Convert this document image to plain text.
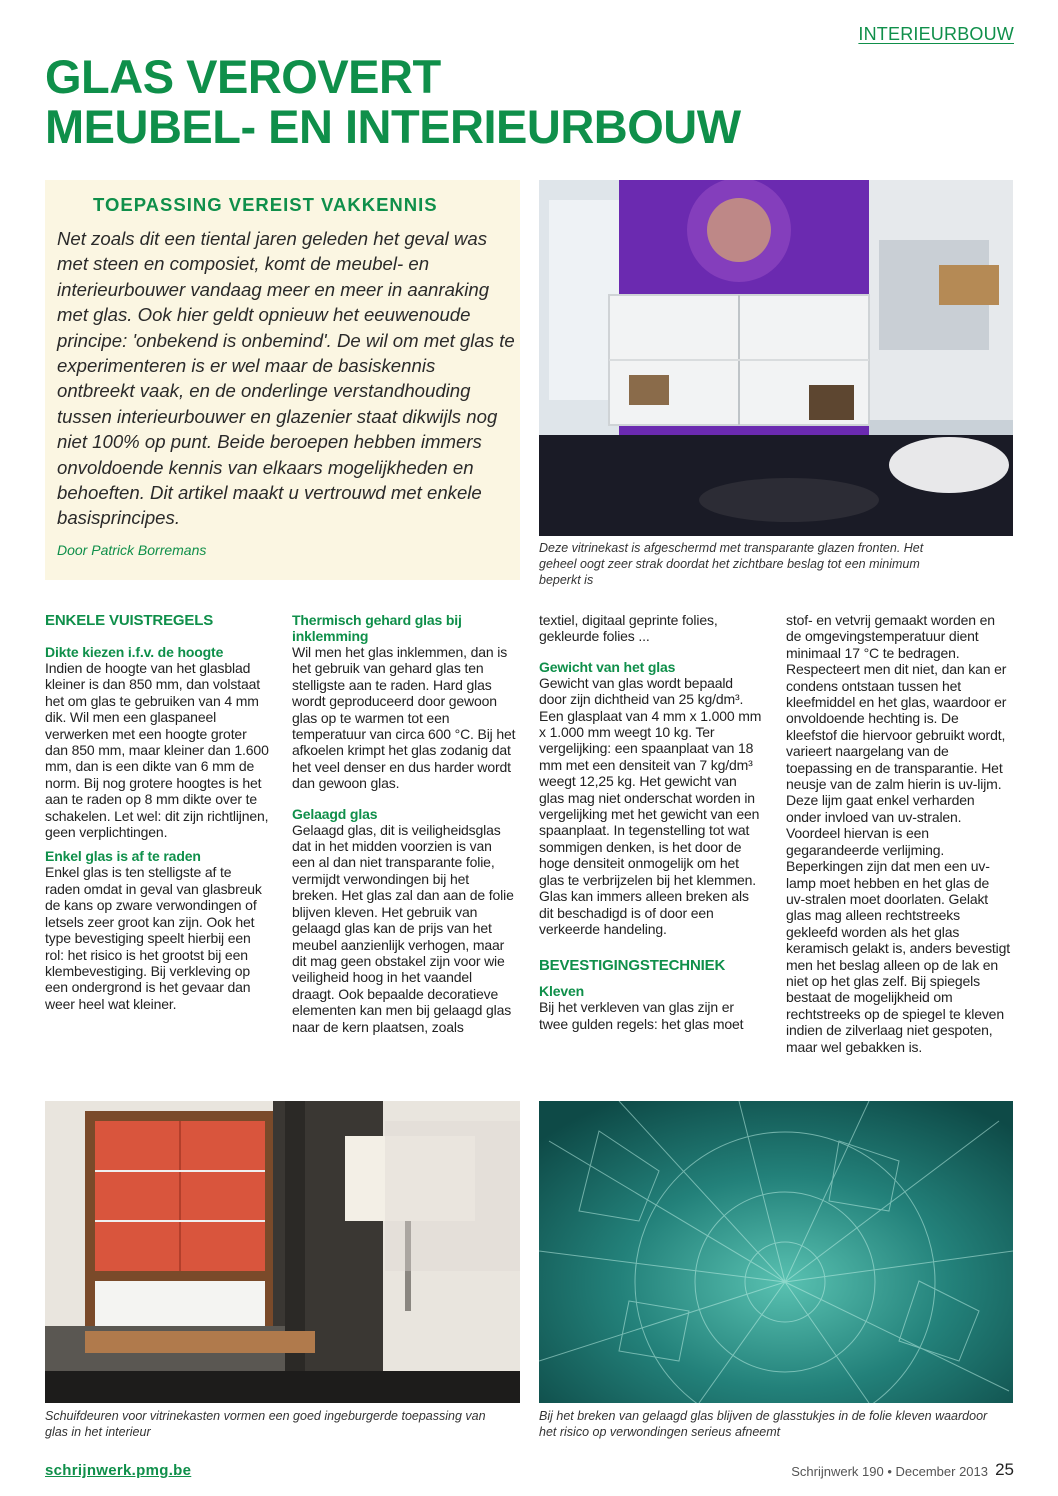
INTERIEURBOUW
GLAS VEROVERT
MEUBEL- EN INTERIEURBOUW
TOEPASSING VEREIST VAKKENNIS

Net zoals dit een tiental jaren geleden het geval was met steen en composiet, komt de meubel- en interieurbouwer vandaag meer en meer in aanraking met glas. Ook hier geldt opnieuw het eeuwenoude principe: 'onbekend is onbemind'. De wil om met glas te experimenteren is er wel maar de basiskennis ontbreekt vaak, en de onderlinge verstandhouding tussen interieurbouwer en glazenier staat dikwijls nog niet 100% op punt. Beide beroepen hebben immers onvoldoende kennis van elkaars mogelijkheden en behoeften. Dit artikel maakt u vertrouwd met enkele basisprincipes.

Door Patrick Borremans	Deze vitrinekast is afgeschermd met transparante glazen fronten. Het geheel oogt zeer strak doordat het zichtbare beslag tot een minimum beperkt is

ENKELE VUISTREGELS
Dikte kiezen i.f.v. de hoogte

Indien de hoogte van het glasblad kleiner is dan 850 mm, dan volstaat het om glas te gebruiken van 4 mm dik. Wil men een glaspaneel verwerken met een hoogte groter dan 850 mm, maar kleiner dan 1.600 mm, dan is een dikte van 6 mm de norm. Bij nog grotere hoogtes is het aan te raden op 8 mm dikte over te schakelen. Let wel: dit zijn richtlijnen, geen verplichtingen.

Enkel glas is af te raden

Enkel glas is ten stelligste af te raden omdat in geval van glasbreuk de kans op zware verwondingen of letsels zeer groot kan zijn. Ook het type bevestiging speelt hierbij een rol: het risico is het grootst bij een klembevestiging. Bij verkleving op een ondergrond is het gevaar dan weer heel wat kleiner.

Thermisch gehard glas bij inklemming

Wil men het glas inklemmen, dan is het gebruik van gehard glas ten stelligste aan te raden. Hard glas wordt geproduceerd door gewoon glas op te warmen tot een temperatuur van circa 600 °C. Bij het afkoelen krimpt het glas zodanig dat het veel denser en dus harder wordt dan gewoon glas.

Gelaagd glas

Gelaagd glas, dit is veiligheidsglas dat in het midden voorzien is van een al dan niet transparante folie, vermijdt verwondingen bij het breken. Het glas zal dan aan de folie blijven kleven. Het gebruik van gelaagd glas kan de prijs van het meubel aanzienlijk verhogen, maar dit mag geen obstakel zijn voor wie veiligheid hoog in het vaandel draagt. Ook bepaalde decoratieve elementen kan men bij gelaagd glas naar de kern plaatsen, zoals

textiel, digitaal geprinte folies, gekleurde folies ...

Gewicht van het glas

Gewicht van glas wordt bepaald door zijn dichtheid van 25 kg/dm³. Een glasplaat van 4 mm x 1.000 mm x 1.000 mm weegt 10 kg. Ter vergelijking: een spaanplaat van 18 mm met een densiteit van 7 kg/dm³ weegt 12,25 kg. Het gewicht van glas mag niet onderschat worden in vergelijking met het gewicht van een spaanplaat. In tegenstelling tot wat sommigen denken, is het door de hoge densiteit onmogelijk om het glas te verbrijzelen bij het klemmen. Glas kan immers alleen breken als dit beschadigd is of door een verkeerde handeling.

BEVESTIGINGSTECHNIEK
Kleven

Bij het verkleven van glas zijn er twee gulden regels: het glas moet

stof- en vetvrij gemaakt worden en de omgevingstemperatuur dient minimaal 17 °C te bedragen. Respecteert men dit niet, dan kan er condens ontstaan tussen het kleefmiddel en het glas, waardoor er onvoldoende hechting is. De kleefstof die hiervoor gebruikt wordt, varieert naargelang van de toepassing en de transparantie. Het neusje van de zalm hierin is uv-lijm. Deze lijm gaat enkel verharden onder invloed van uv-stralen. Voordeel hiervan is een gegarandeerde verlijming. Beperkingen zijn dat men een uv-lamp moet hebben en het glas de uv-stralen moet doorlaten. Gelakt glas mag alleen rechtstreeks gekleefd worden als het glas keramisch gelakt is, anders bevestigt men het beslag alleen op de lak en niet op het glas zelf. Bij spiegels bestaat de mogelijkheid om rechtstreeks op de spiegel te kleven indien de zilverlaag niet gespoten, maar wel gebakken is.

Schuifdeuren voor vitrinekasten vormen een goed ingeburgerde toepassing van glas in het interieur

Bij het breken van gelaagd glas blijven de glasstukjes in de folie kleven waardoor het risico op verwondingen serieus afneemt

schrijnwerk.pmg.be	Schrijnwerk 190 • December 2013 25
